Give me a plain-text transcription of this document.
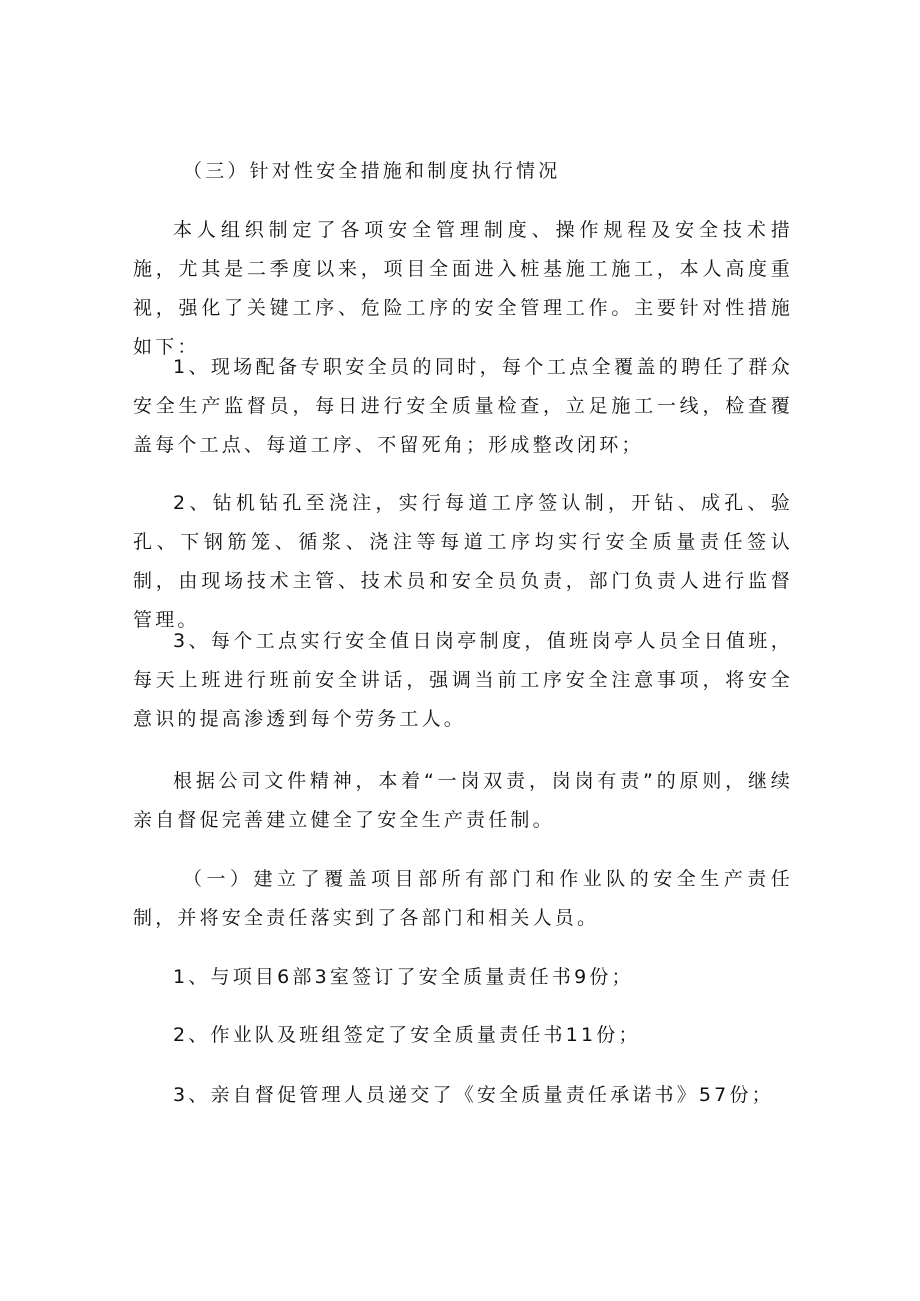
（三）针对性安全措施和制度执行情况

本人组织制定了各项安全管理制度、操作规程及安全技术措施，尤其是二季度以来，项目全面进入桩基施工施工，本人高度重视，强化了关键工序、危险工序的安全管理工作。主要针对性措施如下：

1、现场配备专职安全员的同时，每个工点全覆盖的聘任了群众安全生产监督员，每日进行安全质量检查，立足施工一线，检查覆盖每个工点、每道工序、不留死角；形成整改闭环；

2、钻机钻孔至浇注，实行每道工序签认制，开钻、成孔、验孔、下钢筋笼、循浆、浇注等每道工序均实行安全质量责任签认制，由现场技术主管、技术员和安全员负责，部门负责人进行监督管理。

3、每个工点实行安全值日岗亭制度，值班岗亭人员全日值班，每天上班进行班前安全讲话，强调当前工序安全注意事项，将安全意识的提高渗透到每个劳务工人。

根据公司文件精神，本着“一岗双责，岗岗有责”的原则，继续亲自督促完善建立健全了安全生产责任制。

（一）建立了覆盖项目部所有部门和作业队的安全生产责任制，并将安全责任落实到了各部门和相关人员。

1、与项目6部3室签订了安全质量责任书9份；

2、作业队及班组签定了安全质量责任书11份；

3、亲自督促管理人员递交了《安全质量责任承诺书》57份；
